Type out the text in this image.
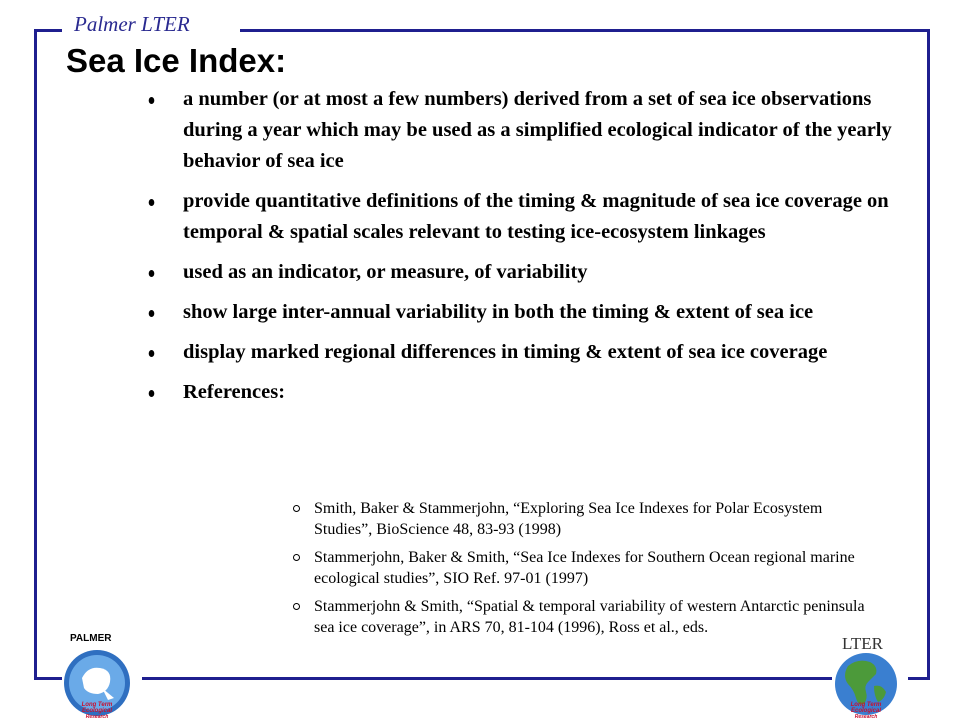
Palmer LTER
Sea Ice Index:
a number (or at most a few numbers) derived from a set of sea ice observations during a year which may be used as a simplified ecological indicator of the yearly behavior of sea ice
provide quantitative definitions of the timing & magnitude of sea ice coverage on temporal & spatial scales relevant to testing ice-ecosystem linkages
used as an indicator, or measure, of variability
show large inter-annual variability in both the timing & extent of sea ice
display marked regional differences in timing & extent of sea ice coverage
References:
Smith, Baker & Stammerjohn, “Exploring Sea Ice Indexes for Polar Ecosystem Studies”, BioScience 48, 83-93 (1998)
Stammerjohn, Baker & Smith, “Sea Ice Indexes for Southern Ocean regional marine ecological studies”, SIO Ref. 97-01 (1997)
Stammerjohn & Smith, “Spatial & temporal variability of western Antarctic peninsula sea ice coverage”, in ARS 70, 81-104 (1996), Ross et al., eds.
PALMER
Long Term
Ecological
Research
LTER
Long Term
Ecological
Research
